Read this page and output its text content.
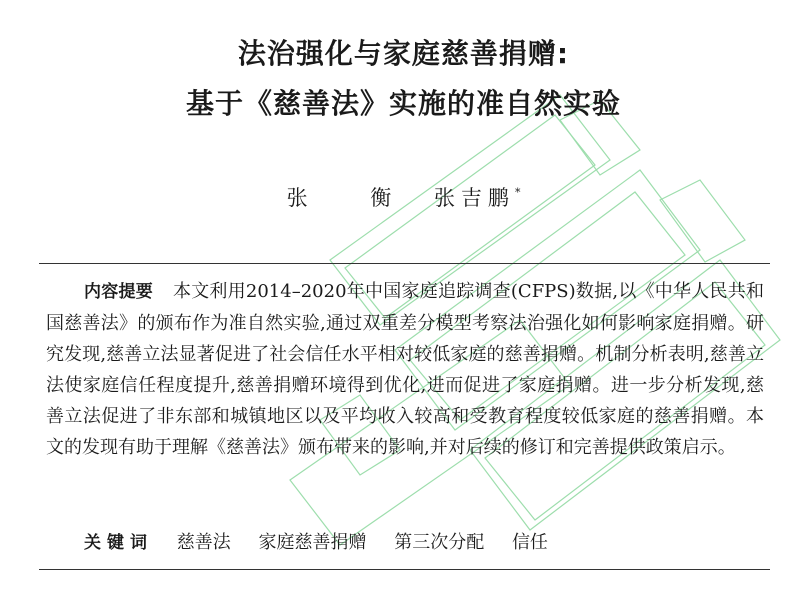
法治强化与家庭慈善捐赠:
基于《慈善法》实施的准自然实验
张 衡 张吉鹏*

内容提要 本文利用2014–2020年中国家庭追踪调查(CFPS)数据,以《中华人民共和国慈善法》的颁布作为准自然实验,通过双重差分模型考察法治强化如何影响家庭捐赠。研究发现,慈善立法显著促进了社会信任水平相对较低家庭的慈善捐赠。机制分析表明,慈善立法使家庭信任程度提升,慈善捐赠环境得到优化,进而促进了家庭捐赠。进一步分析发现,慈善立法促进了非东部和城镇地区以及平均收入较高和受教育程度较低家庭的慈善捐赠。本文的发现有助于理解《慈善法》颁布带来的影响,并对后续的修订和完善提供政策启示。

关键词 慈善法 家庭慈善捐赠 第三次分配 信任
